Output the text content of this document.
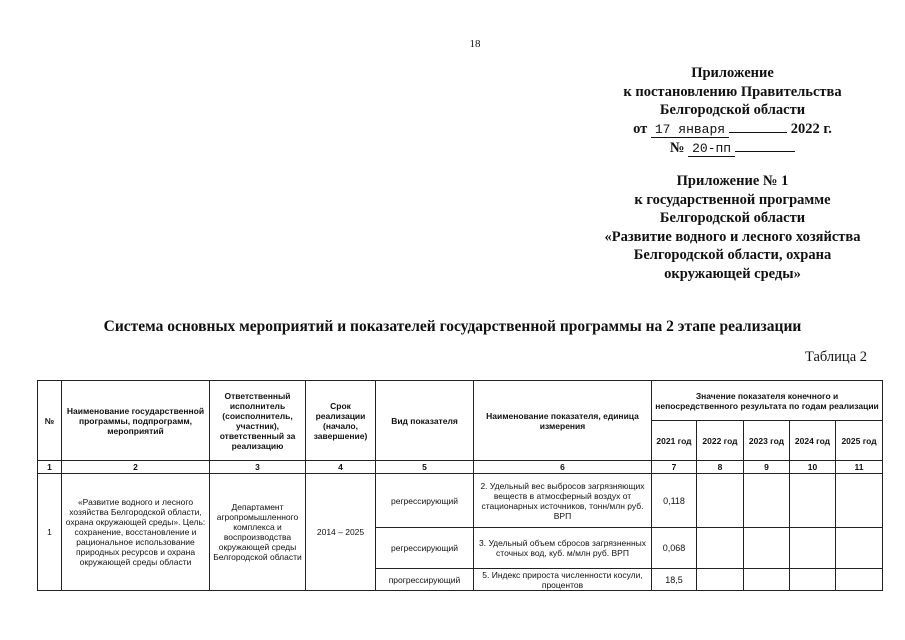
18
Приложение
к постановлению Правительства
Белгородской области
от 17 января	2022 г.
№ 20-пп
Приложение № 1
к государственной программе
Белгородской области
«Развитие водного и лесного хозяйства
Белгородской области, охрана
окружающей среды»
Система основных мероприятий и показателей государственной программы на 2 этапе реализации
Таблица 2
№	Наименование государственной программы, подпрограмм, мероприятий	Ответственный исполнитель (соисполнитель, участник), ответственный за реализацию	Срок реализации (начало, завершение)	Вид показателя	Наименование показателя, единица измерения	Значение показателя конечного и непосредственного результата по годам реализации				
						2021 год	2022 год	2023 год	2024 год	2025 год
1	2	3	4	5	6	7	8	9	10	11
1	«Развитие водного и лесного хозяйства Белгородской области, охрана окружающей среды». Цель: сохранение, восстановление и рациональное использование природных ресурсов и охрана окружающей среды области	Департамент агропромышленного комплекса и воспроизводства окружающей среды Белгородской области	2014 – 2025	регрессирующий	2. Удельный вес выбросов загрязняющих веществ в атмосферный воздух от стационарных источников, тонн/млн руб. ВРП	0,118				
				регрессирующий	3. Удельный объем сбросов загрязненных сточных вод, куб. м/млн руб. ВРП	0,068				
				прогрессирующий	5. Индекс прироста численности косули, процентов	18,5				
